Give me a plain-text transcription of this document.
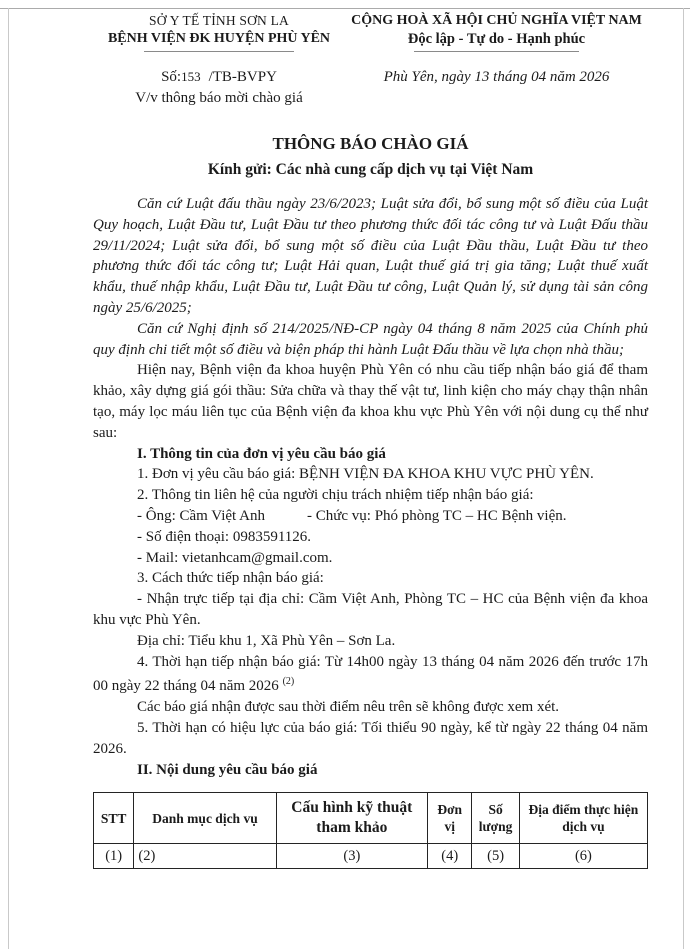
SỞ Y TẾ TỈNH SƠN LA
BỆNH VIỆN ĐK HUYỆN PHÙ YÊN
Số:153 /TB-BVPY
V/v thông báo mời chào giá
CỘNG HOÀ XÃ HỘI CHỦ NGHĨA VIỆT NAM
Độc lập - Tự do - Hạnh phúc
Phù Yên, ngày 13 tháng 04 năm 2026
THÔNG BÁO CHÀO GIÁ
Kính gửi: Các nhà cung cấp dịch vụ tại Việt Nam

Căn cứ Luật đấu thầu ngày 23/6/2023; Luật sửa đổi, bổ sung một số điều của Luật Quy hoạch, Luật Đầu tư, Luật Đầu tư theo phương thức đối tác công tư và Luật Đấu thầu 29/11/2024; Luật sửa đổi, bổ sung một số điều của Luật Đầu thầu, Luật Đầu tư theo phương thức đối tác công tư; Luật Hải quan, Luật thuế giá trị gia tăng; Luật thuế xuất khẩu, thuế nhập khẩu, Luật Đầu tư, Luật Đầu tư công, Luật Quản lý, sử dụng tài sản công ngày 25/6/2025;

Căn cứ Nghị định số 214/2025/NĐ-CP ngày 04 tháng 8 năm 2025 của Chính phủ quy định chi tiết một số điều và biện pháp thi hành Luật Đấu thầu về lựa chọn nhà thầu;

Hiện nay, Bệnh viện đa khoa huyện Phù Yên có nhu cầu tiếp nhận báo giá để tham khảo, xây dựng giá gói thầu: Sửa chữa và thay thế vật tư, linh kiện cho máy chạy thận nhân tạo, máy lọc máu liên tục của Bệnh viện đa khoa khu vực Phù Yên với nội dung cụ thể như sau:

I. Thông tin của đơn vị yêu cầu báo giá

1. Đơn vị yêu cầu báo giá: BỆNH VIỆN ĐA KHOA KHU VỰC PHÙ YÊN.

2. Thông tin liên hệ của người chịu trách nhiệm tiếp nhận báo giá:

- Ông: Cầm Việt Anh	- Chức vụ: Phó phòng TC – HC Bệnh viện.

- Số điện thoại: 0983591126.

- Mail: vietanhcam@gmail.com.

3. Cách thức tiếp nhận báo giá:

- Nhận trực tiếp tại địa chỉ: Cầm Việt Anh, Phòng TC – HC của Bệnh viện đa khoa khu vực Phù Yên.

Địa chỉ: Tiểu khu 1, Xã Phù Yên – Sơn La.

4. Thời hạn tiếp nhận báo giá: Từ 14h00 ngày 13 tháng 04 năm 2026 đến trước 17h 00 ngày 22 tháng 04 năm 2026 $^{(2)}$

Các báo giá nhận được sau thời điểm nêu trên sẽ không được xem xét.

5. Thời hạn có hiệu lực của báo giá: Tối thiểu 90 ngày, kể từ ngày 22 tháng 04 năm 2026.

II. Nội dung yêu cầu báo giá

STT	Danh mục dịch vụ	Cấu hình kỹ thuật tham khảo	Đơn vị	Số lượng	Địa điểm thực hiện dịch vụ
(1)	(2)	(3)	(4)	(5)	(6)
